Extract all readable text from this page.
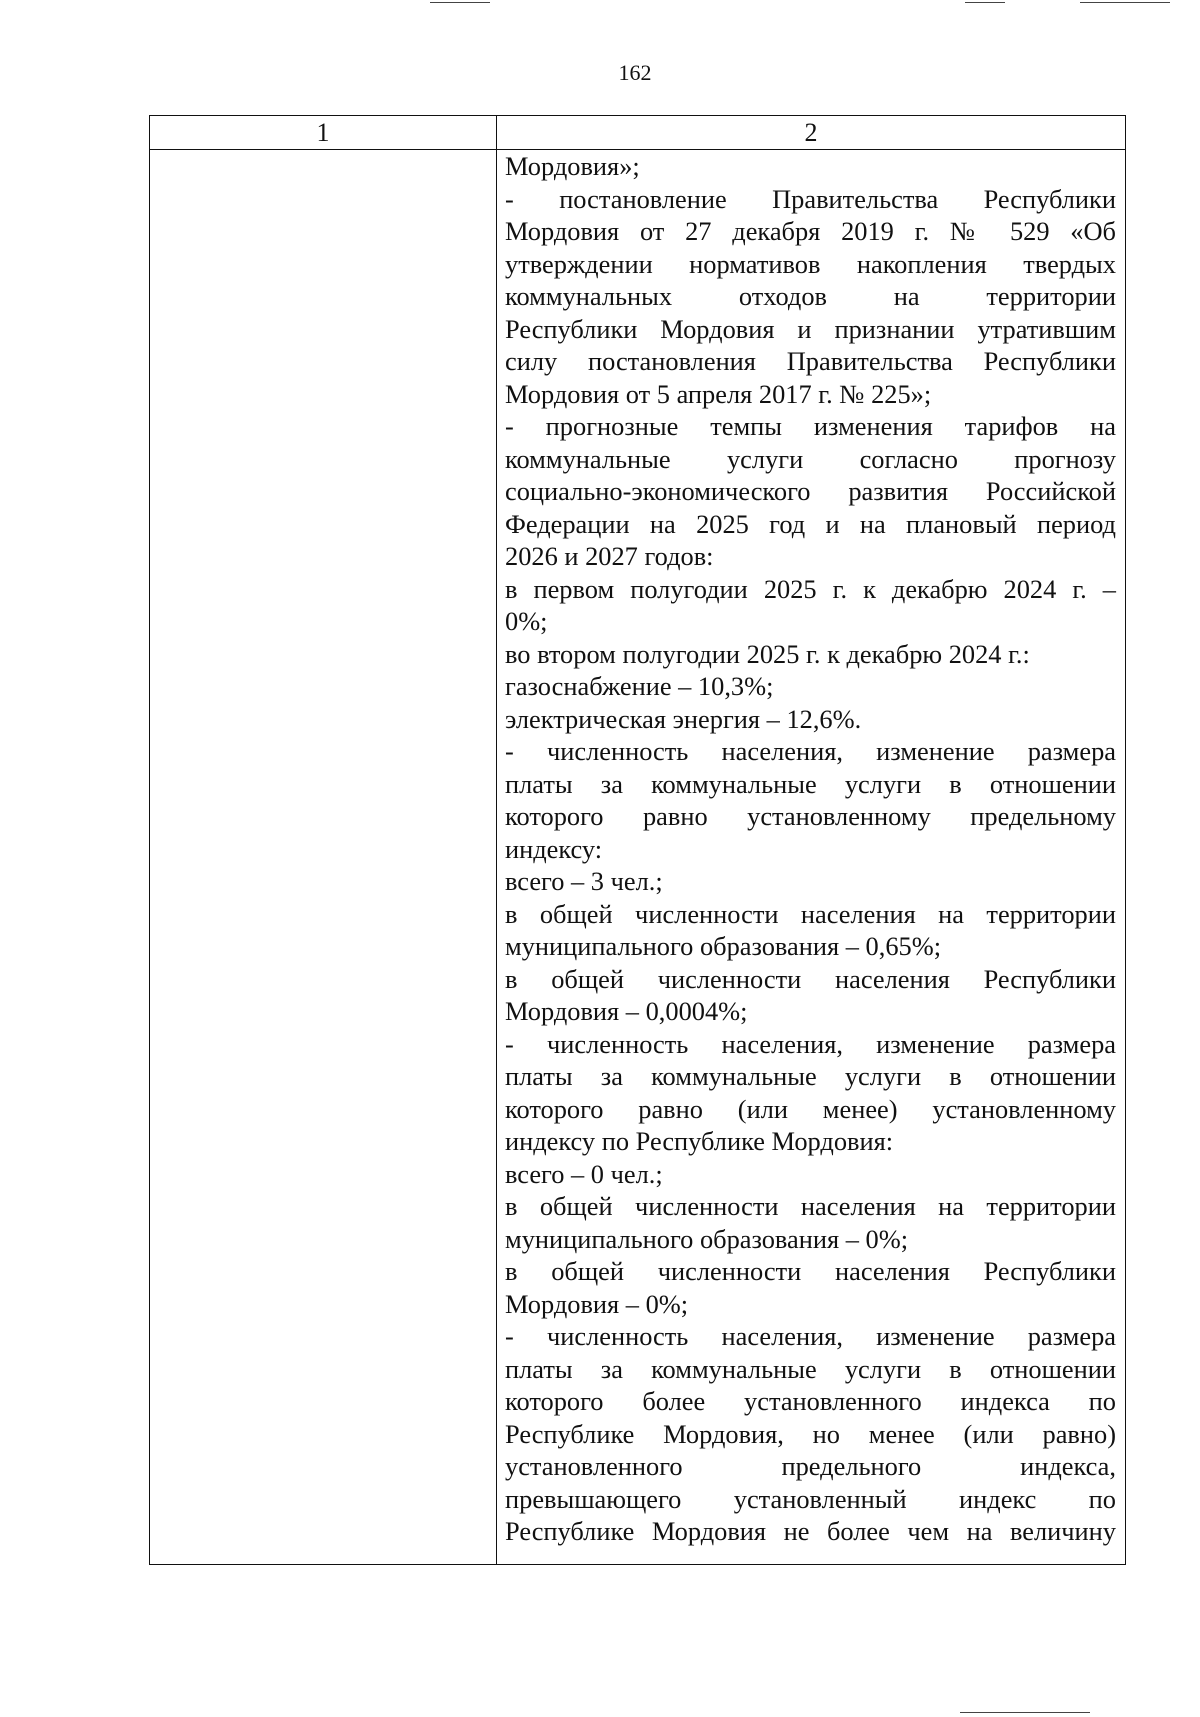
162
1	2
Мордовия»;
- постановление Правительства Республики
Мордовия от 27 декабря 2019 г. № 529 «Об
утверждении нормативов накопления твердых
коммунальных отходов на территории
Республики Мордовия и признании утратившим
силу постановления Правительства Республики
Мордовия от 5 апреля 2017 г. № 225»;
- прогнозные темпы изменения тарифов на
коммунальные услуги согласно прогнозу
социально-экономического развития Российской
Федерации на 2025 год и на плановый период
2026 и 2027 годов:
в первом полугодии 2025 г. к декабрю 2024 г. –
0%;
во втором полугодии 2025 г. к декабрю 2024 г.:
газоснабжение – 10,3%;
электрическая энергия – 12,6%.
- численность населения, изменение размера
платы за коммунальные услуги в отношении
которого равно установленному предельному
индексу:
всего – 3 чел.;
в общей численности населения на территории
муниципального образования – 0,65%;
в общей численности населения Республики
Мордовия – 0,0004%;
- численность населения, изменение размера
платы за коммунальные услуги в отношении
которого равно (или менее) установленному
индексу по Республике Мордовия:
всего – 0 чел.;
в общей численности населения на территории
муниципального образования – 0%;
в общей численности населения Республики
Мордовия – 0%;
- численность населения, изменение размера
платы за коммунальные услуги в отношении
которого более установленного индекса по
Республике Мордовия, но менее (или равно)
установленного предельного индекса,
превышающего установленный индекс по
Республике Мордовия не более чем на величину
